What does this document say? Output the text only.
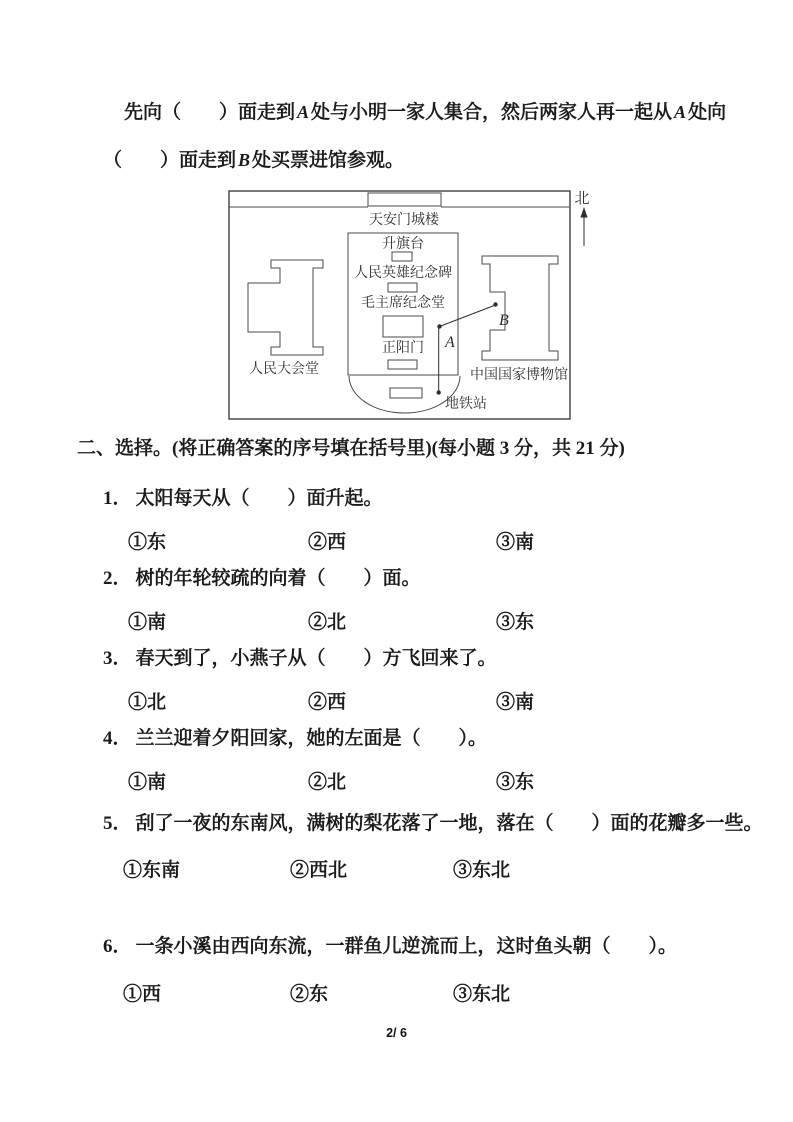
先向（　　）面走到 A 处与小明一家人集合，然后两家人再一起从 A 处向
（　　）面走到 B 处买票进馆参观。
天安门城楼
升旗台
人民英雄纪念碑
毛主席纪念堂
正阳门
地铁站
人民大会堂	中国国家博物馆
A
B
北
二、选择。(将正确答案的序号填在括号里)(每小题 3 分，共 21 分)
1． 太阳每天从（　　）面升起。
①东	②西	③南
2． 树的年轮较疏的向着（　　）面。
①南	②北	③东
3． 春天到了，小燕子从（　　）方飞回来了。
①北	②西	③南
4． 兰兰迎着夕阳回家，她的左面是（　　）。
①南	②北	③东
5． 刮了一夜的东南风，满树的梨花落了一地，落在（　　）面的花瓣多一些。
①东南	②西北	③东北
6． 一条小溪由西向东流，一群鱼儿逆流而上，这时鱼头朝（　　）。
①西	②东	③东北
2/ 6
